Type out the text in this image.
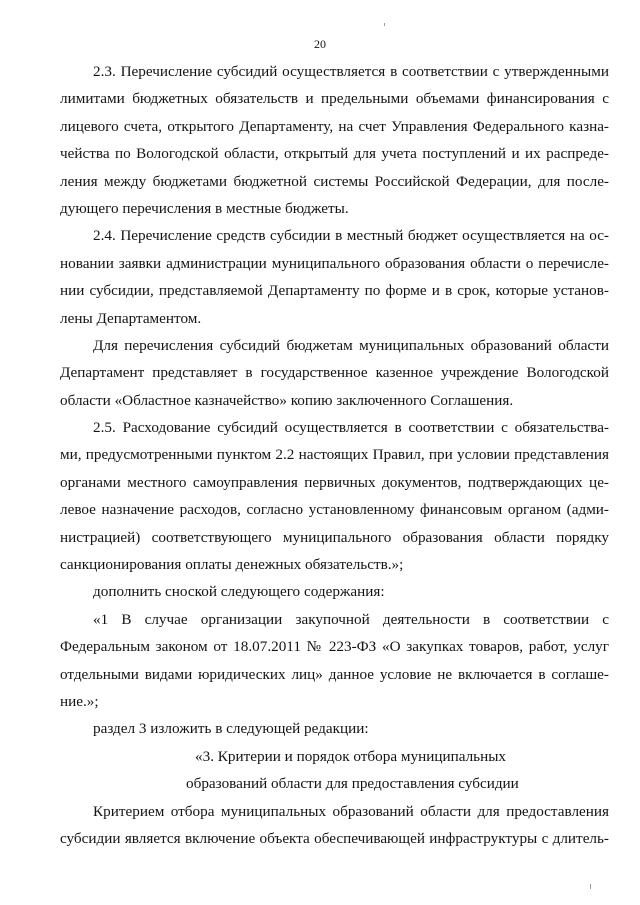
20
2.3. Перечисление субсидий осуществляется в соответствии с утвержденными
лимитами бюджетных обязательств и предельными объемами финансирования с
лицевого счета, открытого Департаменту, на счет Управления Федерального казна-
чейства по Вологодской области, открытый для учета поступлений и их распреде-
ления между бюджетами бюджетной системы Российской Федерации, для после-
дующего перечисления в местные бюджеты.
2.4. Перечисление средств субсидии в местный бюджет осуществляется на ос-
новании заявки администрации муниципального образования области о перечисле-
нии субсидии, представляемой Департаменту по форме и в срок, которые установ-
лены Департаментом.
Для перечисления субсидий бюджетам муниципальных образований области
Департамент представляет в государственное казенное учреждение Вологодской
области «Областное казначейство» копию заключенного Соглашения.
2.5. Расходование субсидий осуществляется в соответствии с обязательства-
ми, предусмотренными пунктом 2.2 настоящих Правил, при условии представления
органами местного самоуправления первичных документов, подтверждающих це-
левое назначение расходов, согласно установленному финансовым органом (адми-
нистрацией) соответствующего муниципального образования области порядку
санкционирования оплаты денежных обязательств.»;
дополнить сноской следующего содержания:
«1 В случае организации закупочной деятельности в соответствии с
Федеральным законом от 18.07.2011 № 223-ФЗ «О закупках товаров, работ, услуг
отдельными видами юридических лиц» данное условие не включается в соглаше-
ние.»;
раздел 3 изложить в следующей редакции:
«3. Критерии и порядок отбора муниципальных
образований области для предоставления субсидии
Критерием отбора муниципальных образований области для предоставления
субсидии является включение объекта обеспечивающей инфраструктуры с длитель-
